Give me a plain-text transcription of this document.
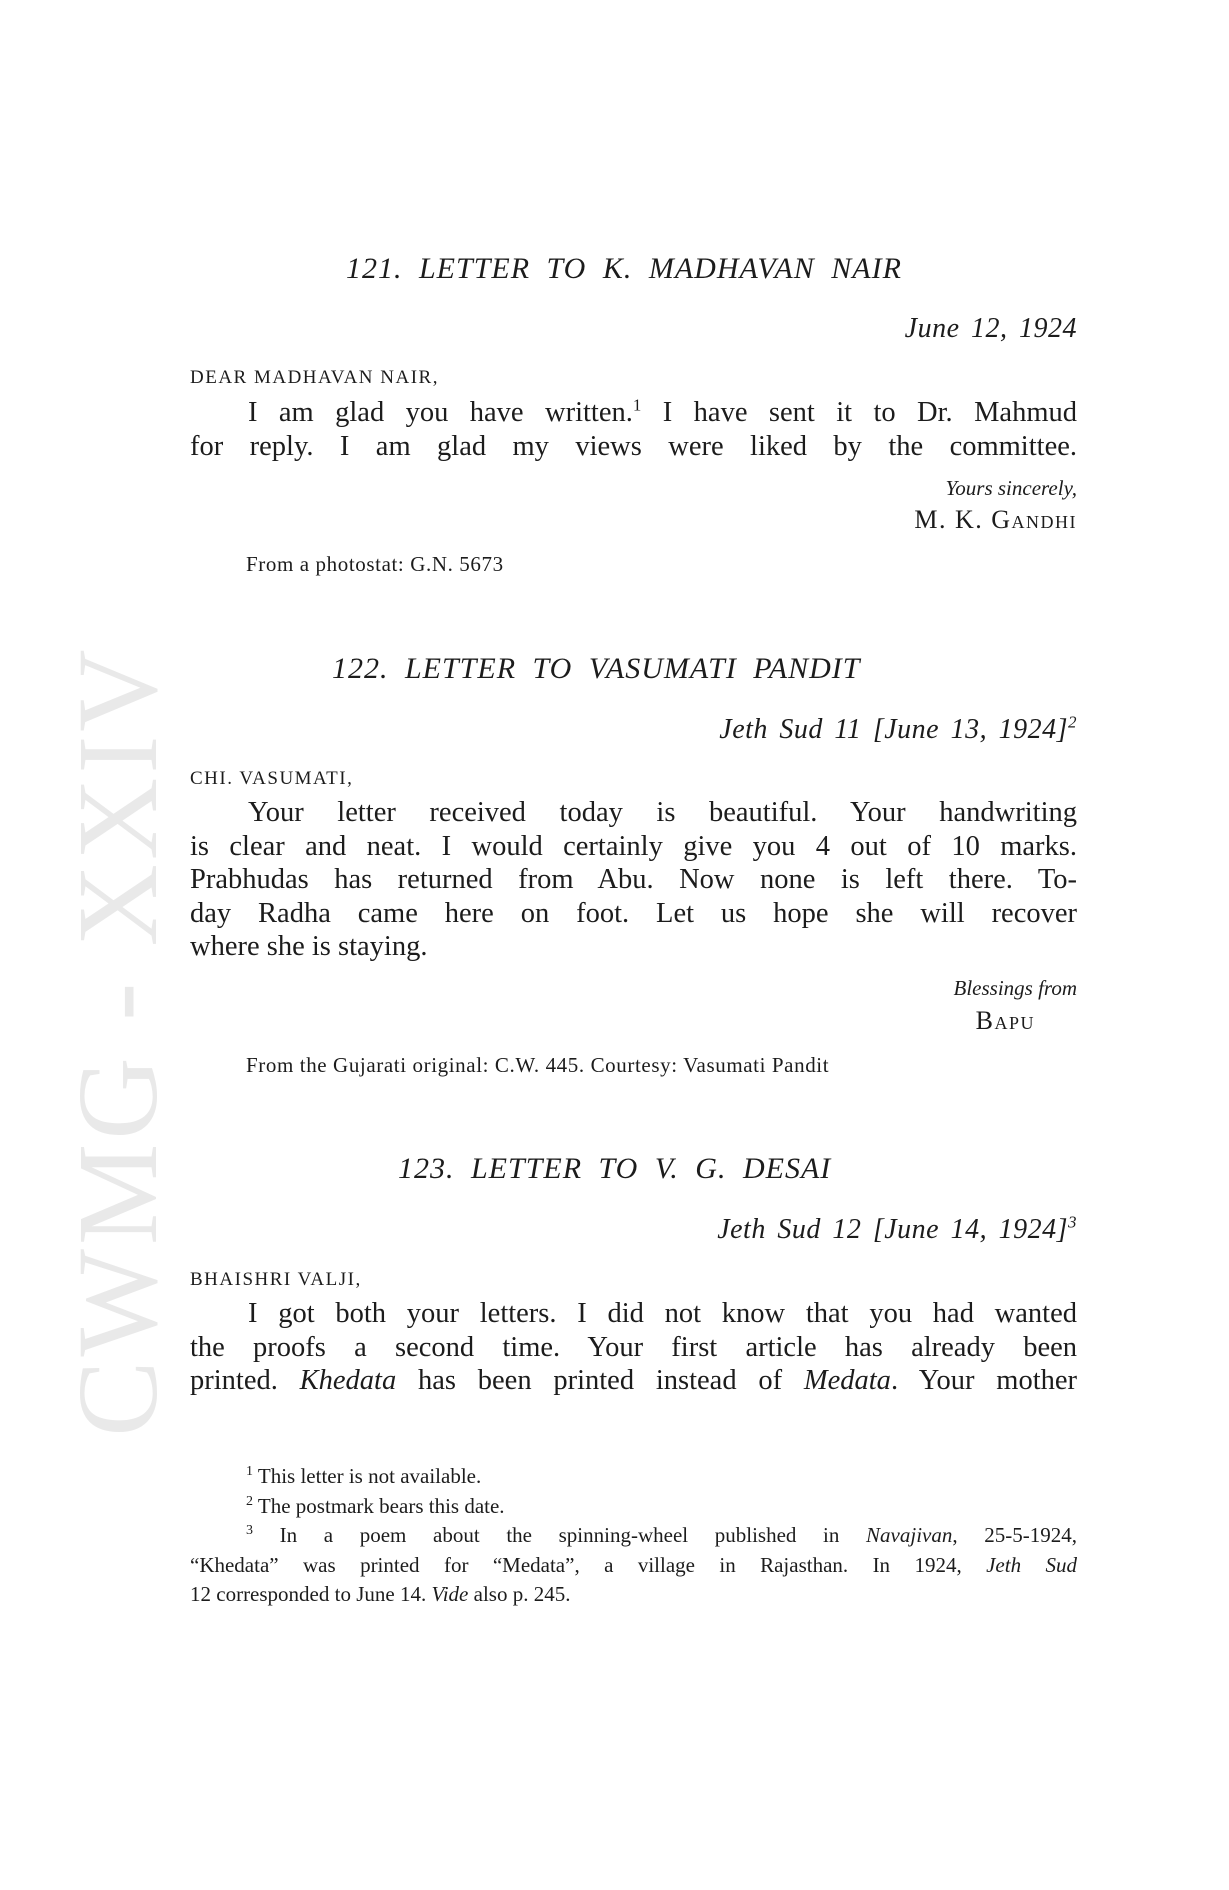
CWMG - XXIV
121. LETTER TO K. MADHAVAN NAIR
June 12, 1924
DEAR MADHAVAN NAIR,
I am glad you have written.$^1$ I have sent it to Dr. Mahmud
for reply. I am glad my views were liked by the committee.
Yours sincerely,
M. K. Gandhi
From a photostat: G.N. 5673
122. LETTER TO VASUMATI PANDIT
Jeth Sud 11 [June 13, 1924]$^2$
CHI. VASUMATI,
Your letter received today is beautiful. Your handwriting
is clear and neat. I would certainly give you 4 out of 10 marks.
Prabhudas has returned from Abu. Now none is left there. To-
day Radha came here on foot. Let us hope she will recover
where she is staying.
Blessings from
Bapu
From the Gujarati original: C.W. 445. Courtesy: Vasumati Pandit
123. LETTER TO V. G. DESAI
Jeth Sud 12 [June 14, 1924]$^3$
BHAISHRI VALJI,
I got both your letters. I did not know that you had wanted
the proofs a second time. Your first article has already been
printed. Khedata has been printed instead of Medata. Your mother
$^1$ This letter is not available.
$^2$ The postmark bears this date.
$^3$ In a poem about the spinning-wheel published in Navajivan, 25-5-1924,
“Khedata” was printed for “Medata”, a village in Rajasthan. In 1924, Jeth Sud
12 corresponded to June 14. Vide also p. 245.
